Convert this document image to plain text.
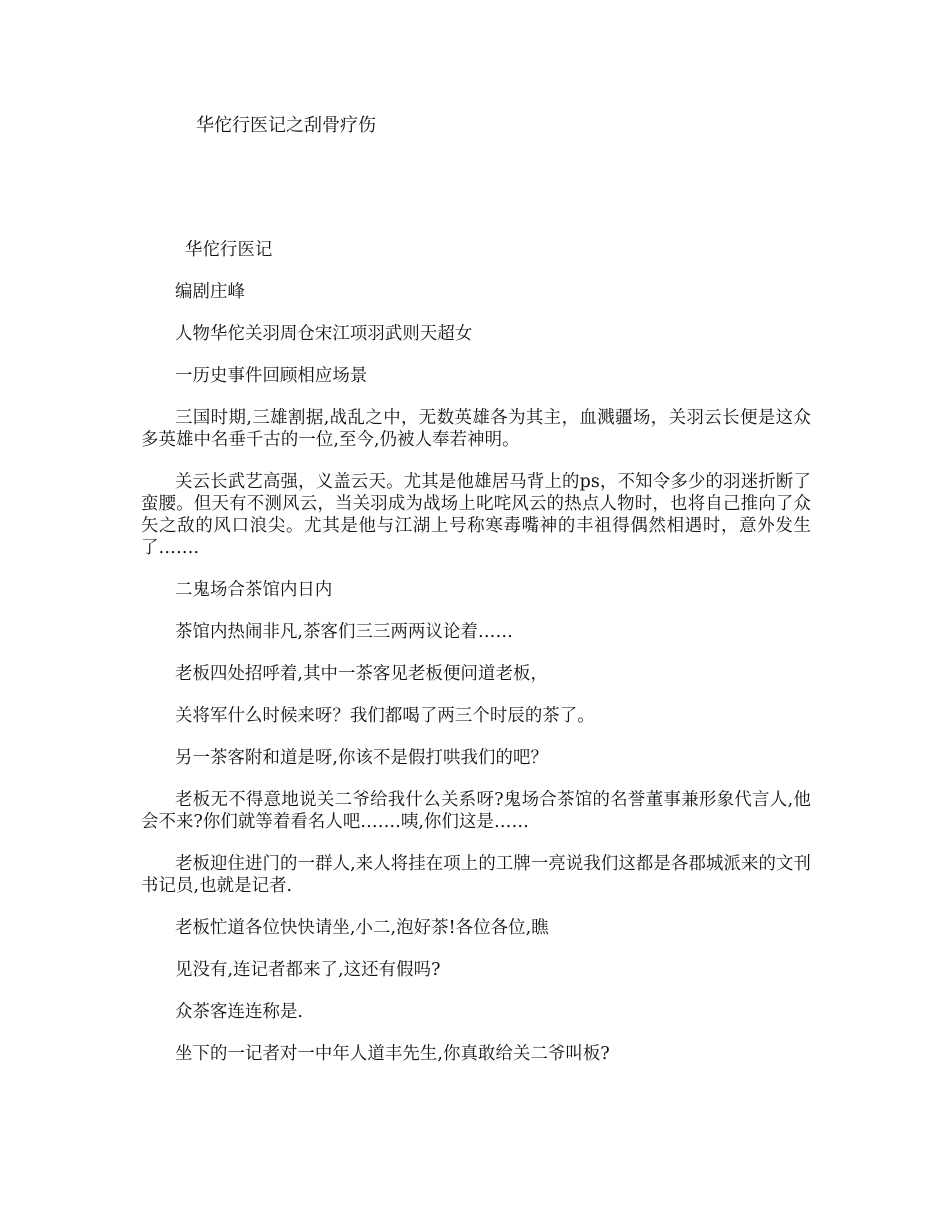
华佗行医记之刮骨疗伤

华佗行医记

编剧庄峰

人物华佗关羽周仓宋江项羽武则天超女

一历史事件回顾相应场景

三国时期,三雄割据,战乱之中，无数英雄各为其主，血溅疆场，关羽云长便是这众多英雄中名垂千古的一位,至今,仍被人奉若神明。

关云长武艺高强，义盖云天。尤其是他雄居马背上的ps，不知令多少的羽迷折断了蛮腰。但天有不测风云，当关羽成为战场上叱咤风云的热点人物时，也将自己推向了众矢之敌的风口浪尖。尤其是他与江湖上号称寒毒嘴神的丰祖得偶然相遇时，意外发生了…….

二鬼场合茶馆内日内

茶馆内热闹非凡,茶客们三三两两议论着……

老板四处招呼着,其中一茶客见老板便问道老板，

关将军什么时候来呀？我们都喝了两三个时辰的茶了。

另一茶客附和道是呀,你该不是假打哄我们的吧？

老板无不得意地说关二爷给我什么关系呀?鬼场合茶馆的名誉董事兼形象代言人,他会不来?你们就等着看名人吧…….咦,你们这是……

老板迎住进门的一群人,来人将挂在项上的工牌一亮说我们这都是各郡城派来的文刊书记员,也就是记者.

老板忙道各位快快请坐,小二,泡好茶!各位各位,瞧

见没有,连记者都来了,这还有假吗?

众茶客连连称是.

坐下的一记者对一中年人道丰先生,你真敢给关二爷叫板?
